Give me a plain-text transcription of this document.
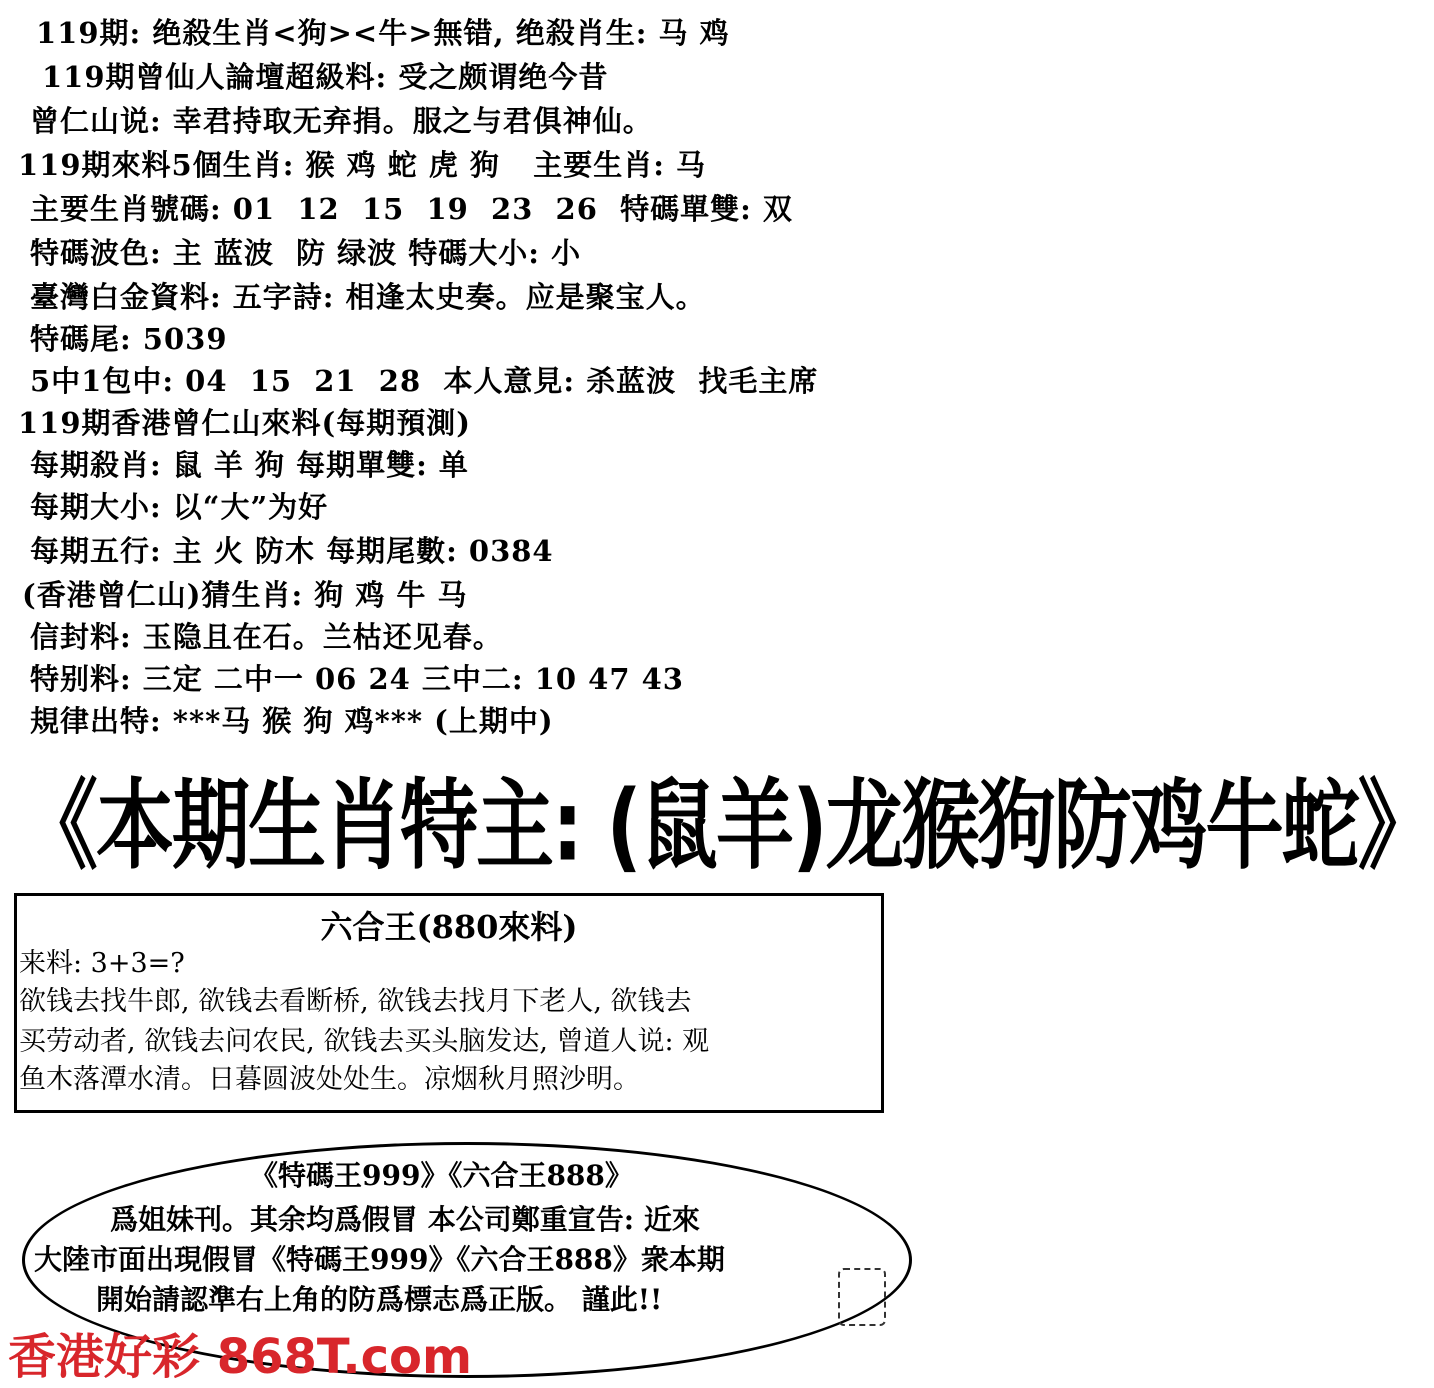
119期: 绝殺生肖<狗><牛>無错, 绝殺肖生: 马 鸡
119期曾仙人論壇超級料: 受之颇谓绝今昔
曾仁山说: 幸君持取无弃捐。服之与君俱神仙。
119期來料5個生肖: 猴 鸡 蛇 虎 狗   主要生肖: 马
主要生肖號碼: 01  12  15  19  23  26  特碼單雙: 双
特碼波色: 主 蓝波  防 绿波 特碼大小: 小
臺灣白金資料: 五字詩: 相逢太史奏。应是聚宝人。
特碼尾: 5039
5中1包中: 04  15  21  28  本人意見: 杀蓝波  找毛主席
119期香港曾仁山來料(每期預測)
每期殺肖: 鼠 羊 狗 每期單雙: 单
每期大小: 以“大”为好
每期五行: 主 火 防木 每期尾數: 0384
(香港曾仁山)猜生肖: 狗 鸡 牛 马
信封料: 玉隐且在石。兰枯还见春。
特别料: 三定 二中一 06 24 三中二: 10 47 43
規律出特: ***马 猴 狗 鸡*** (上期中)
《本期生肖特主: (鼠羊)龙猴狗防鸡牛蛇》
六合王(880來料)
来料: 3+3=?
欲钱去找牛郎, 欲钱去看断桥, 欲钱去找月下老人, 欲钱去
买劳动者, 欲钱去问农民, 欲钱去买头脑发达, 曾道人说: 观
鱼木落潭水清。日暮圆波处处生。凉烟秋月照沙明。
《特碼王999》《六合王888》
爲姐妹刊。其余均爲假冒 本公司鄭重宣告: 近來
大陸市面出現假冒《特碼王999》《六合王888》衆本期
開始請認準右上角的防爲標志爲正版。 謹此!!
香港好彩 868T.com
